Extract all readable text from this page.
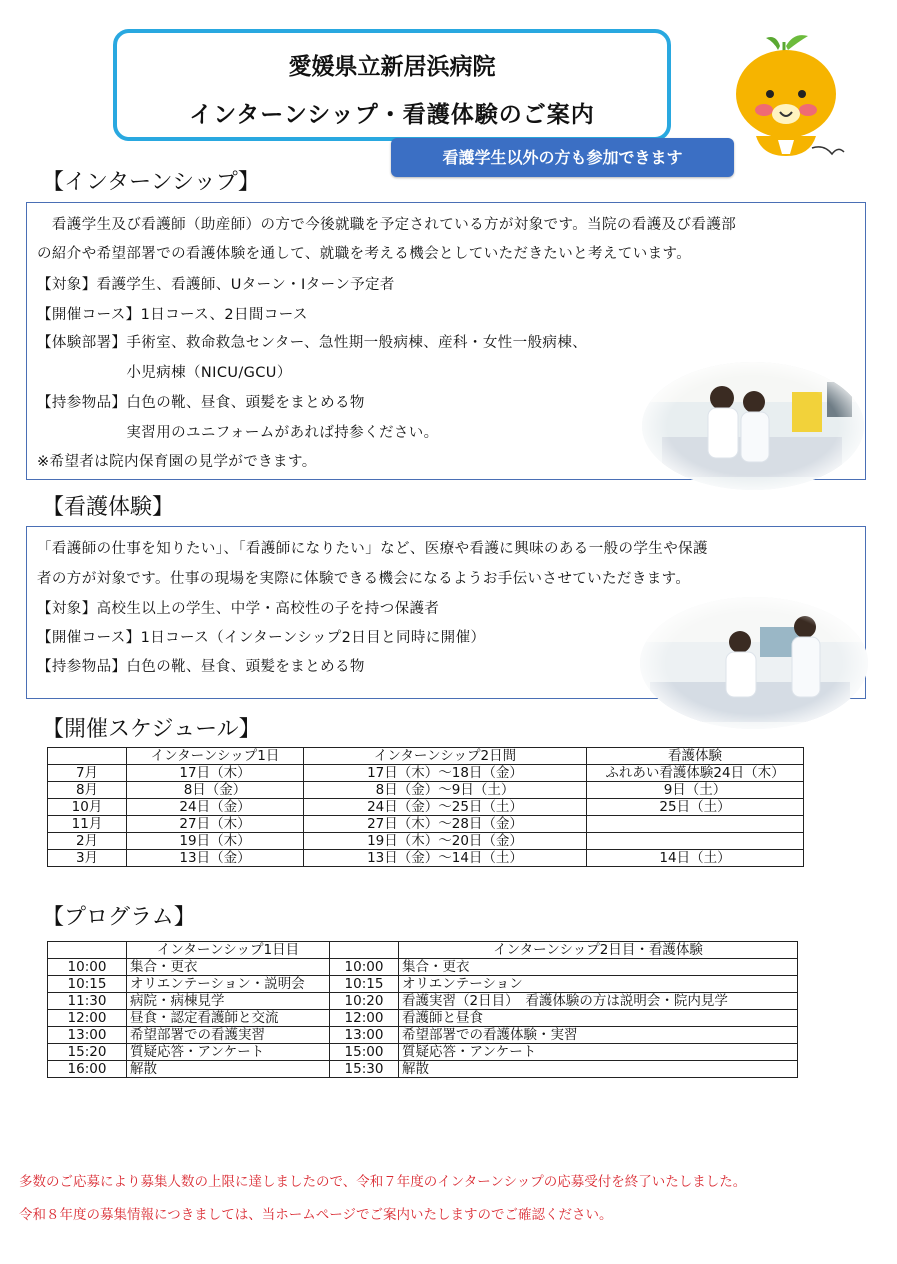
愛媛県立新居浜病院
インターンシップ・看護体験のご案内
看護学生以外の方も参加できます
【インターンシップ】
　看護学生及び看護師（助産師）の方で今後就職を予定されている方が対象です。当院の看護及び看護部
の紹介や希望部署での看護体験を通して、就職を考える機会としていただきたいと考えています。
【対象】看護学生、看護師、Uターン・Iターン予定者
【開催コース】1日コース、2日間コース
【体験部署】手術室、救命救急センター、急性期一般病棟、産科・女性一般病棟、
　　　　　　小児病棟（NICU/GCU）
【持参物品】白色の靴、昼食、頭髪をまとめる物
　　　　　　実習用のユニフォームがあれば持参ください。
※希望者は院内保育園の見学ができます。
【看護体験】
「看護師の仕事を知りたい」、「看護師になりたい」など、医療や看護に興味のある一般の学生や保護
者の方が対象です。仕事の現場を実際に体験できる機会になるようお手伝いさせていただきます。
【対象】高校生以上の学生、中学・高校性の子を持つ保護者
【開催コース】1日コース（インターンシップ2日目と同時に開催）
【持参物品】白色の靴、昼食、頭髪をまとめる物
【開催スケジュール】
	インターンシップ1日	インターンシップ2日間	看護体験
7月	17日（木）	17日（木）～18日（金）	ふれあい看護体験24日（木）
8月	8日（金）	8日（金）～9日（土）	9日（土）
10月	24日（金）	24日（金）～25日（土）	25日（土）
11月	27日（木）	27日（木）～28日（金）	
2月	19日（木）	19日（木）～20日（金）	
3月	13日（金）	13日（金）～14日（土）	14日（土）
【プログラム】
	インターンシップ1日目		インターンシップ2日目・看護体験
10:00	集合・更衣	10:00	集合・更衣
10:15	オリエンテーション・説明会	10:15	オリエンテーション
11:30	病院・病棟見学	10:20	看護実習（2日目）　看護体験の方は説明会・院内見学
12:00	昼食・認定看護師と交流	12:00	看護師と昼食
13:00	希望部署での看護実習	13:00	希望部署での看護体験・実習
15:20	質疑応答・アンケート	15:00	質疑応答・アンケート
16:00	解散	15:30	解散
多数のご応募により募集人数の上限に達しましたので、令和７年度のインターンシップの応募受付を終了いたしました。
令和８年度の募集情報につきましては、当ホームページでご案内いたしますのでご確認ください。
